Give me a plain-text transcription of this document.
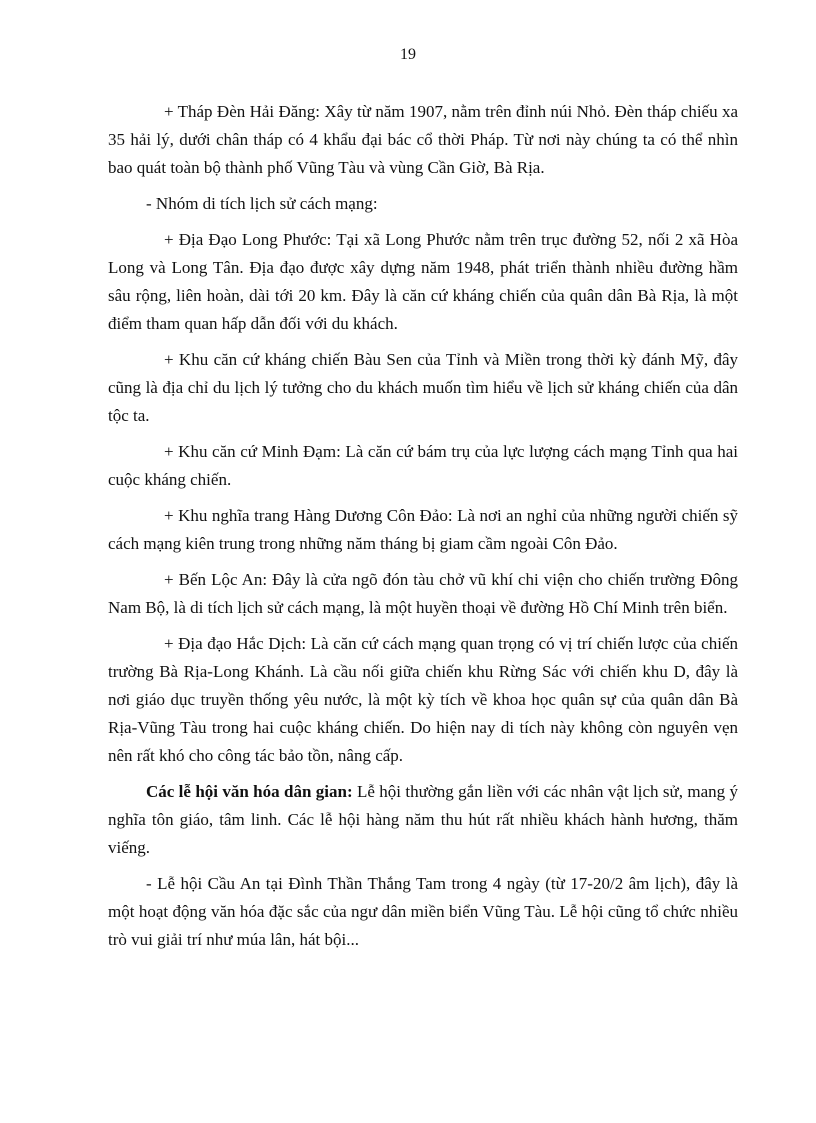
19

+ Tháp Đèn Hải Đăng: Xây từ năm 1907, nằm trên đỉnh núi Nhỏ. Đèn tháp chiếu xa 35 hải lý, dưới chân tháp có 4 khẩu đại bác cổ thời Pháp. Từ nơi này chúng ta có thể nhìn bao quát toàn bộ thành phố Vũng Tàu và vùng Cần Giờ, Bà Rịa.

- Nhóm di tích lịch sử cách mạng:

+ Địa Đạo Long Phước: Tại xã Long Phước nằm trên trục đường 52, nối 2 xã Hòa Long và Long Tân. Địa đạo được xây dựng năm 1948, phát triển thành nhiều đường hầm sâu rộng, liên hoàn, dài tới 20 km. Đây là căn cứ kháng chiến của quân dân Bà Rịa, là một điểm tham quan hấp dẫn đối với du khách.

+ Khu căn cứ kháng chiến Bàu Sen của Tỉnh và Miền trong thời kỳ đánh Mỹ, đây cũng là địa chỉ du lịch lý tưởng cho du khách muốn tìm hiểu về lịch sử kháng chiến của dân tộc ta.

+ Khu căn cứ Minh Đạm: Là căn cứ bám trụ của lực lượng cách mạng Tỉnh qua hai cuộc kháng chiến.

+ Khu nghĩa trang Hàng Dương Côn Đảo: Là nơi an nghỉ của những người chiến sỹ cách mạng kiên trung trong những năm tháng bị giam cầm ngoài Côn Đảo.

+ Bến Lộc An: Đây là cửa ngõ đón tàu chở vũ khí chi viện cho chiến trường Đông Nam Bộ, là di tích lịch sử cách mạng, là một huyền thoại về đường Hồ Chí Minh trên biển.

+ Địa đạo Hắc Dịch: Là căn cứ cách mạng quan trọng có vị trí chiến lược của chiến trường Bà Rịa-Long Khánh. Là cầu nối giữa chiến khu Rừng Sác với chiến khu D, đây là nơi giáo dục truyền thống yêu nước, là một kỳ tích về khoa học quân sự của quân dân Bà Rịa-Vũng Tàu trong hai cuộc kháng chiến. Do hiện nay di tích này không còn nguyên vẹn nên rất khó cho công tác bảo tồn, nâng cấp.

Các lễ hội văn hóa dân gian: Lễ hội thường gắn liền với các nhân vật lịch sử, mang ý nghĩa tôn giáo, tâm linh. Các lễ hội hàng năm thu hút rất nhiều khách hành hương, thăm viếng.

- Lễ hội Cầu An tại Đình Thần Thắng Tam trong 4 ngày (từ 17-20/2 âm lịch), đây là một hoạt động văn hóa đặc sắc của ngư dân miền biển Vũng Tàu. Lễ hội cũng tổ chức nhiều trò vui giải trí như múa lân, hát bội...
